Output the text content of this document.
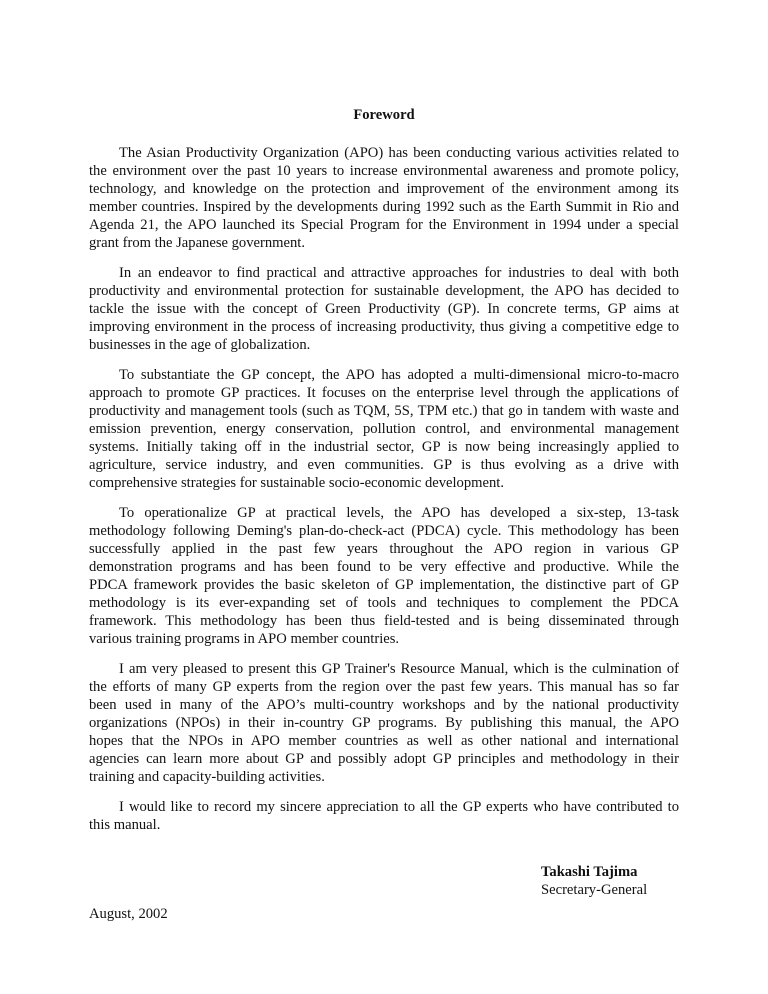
Foreword
The Asian Productivity Organization (APO) has been conducting various activities related to
the environment over the past 10 years to increase environmental awareness and promote policy,
technology, and knowledge on the protection and improvement of the environment among its
member countries. Inspired by the developments during 1992 such as the Earth Summit in Rio and
Agenda 21, the APO launched its Special Program for the Environment in 1994 under a special
grant from the Japanese government.
In an endeavor to find practical and attractive approaches for industries to deal with both
productivity and environmental protection for sustainable development, the APO has decided to
tackle the issue with the concept of Green Productivity (GP). In concrete terms, GP aims at
improving environment in the process of increasing productivity, thus giving a competitive edge to
businesses in the age of globalization.
To substantiate the GP concept, the APO has adopted a multi-dimensional micro-to-macro
approach to promote GP practices. It focuses on the enterprise level through the applications of
productivity and management tools (such as TQM, 5S, TPM etc.) that go in tandem with waste and
emission prevention, energy conservation, pollution control, and environmental management
systems. Initially taking off in the industrial sector, GP is now being increasingly applied to
agriculture, service industry, and even communities. GP is thus evolving as a drive with
comprehensive strategies for sustainable socio-economic development.
To operationalize GP at practical levels, the APO has developed a six-step, 13-task
methodology following Deming's plan-do-check-act (PDCA) cycle. This methodology has been
successfully applied in the past few years throughout the APO region in various GP
demonstration programs and has been found to be very effective and productive. While the
PDCA framework provides the basic skeleton of GP implementation, the distinctive part of GP
methodology is its ever-expanding set of tools and techniques to complement the PDCA
framework. This methodology has been thus field-tested and is being disseminated through
various training programs in APO member countries.
I am very pleased to present this GP Trainer's Resource Manual, which is the culmination of
the efforts of many GP experts from the region over the past few years. This manual has so far
been used in many of the APO’s multi-country workshops and by the national productivity
organizations (NPOs) in their in-country GP programs. By publishing this manual, the APO
hopes that the NPOs in APO member countries as well as other national and international
agencies can learn more about GP and possibly adopt GP principles and methodology in their
training and capacity-building activities.
I would like to record my sincere appreciation to all the GP experts who have contributed to
this manual.
Takashi Tajima
Secretary-General
August, 2002
